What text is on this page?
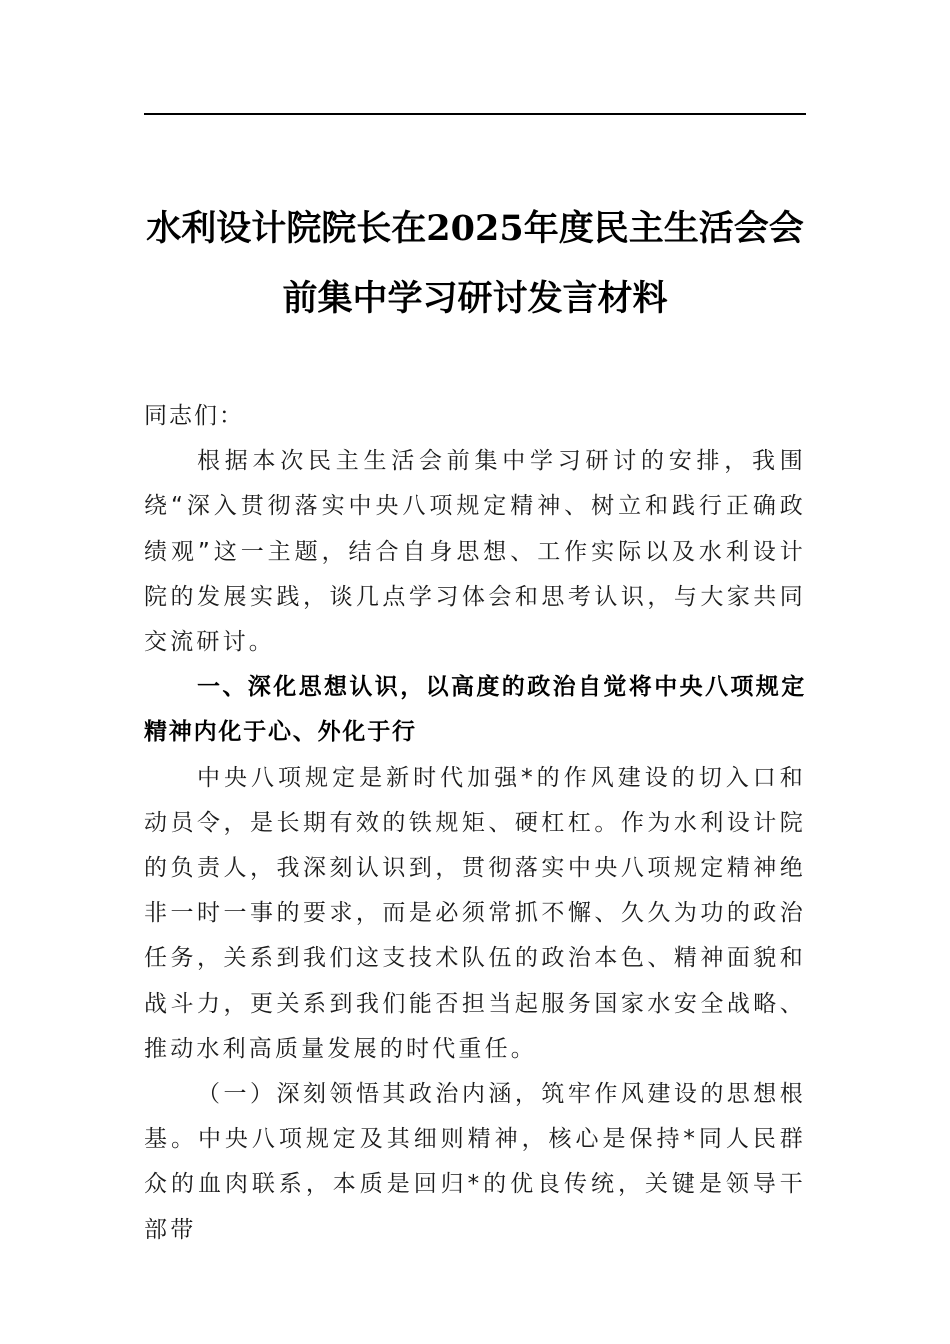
水利设计院院长在2025年度民主生活会会
前集中学习研讨发言材料

同志们：

根据本次民主生活会前集中学习研讨的安排，我围绕“深入贯彻落实中央八项规定精神、树立和践行正确政绩观”这一主题，结合自身思想、工作实际以及水利设计院的发展实践，谈几点学习体会和思考认识，与大家共同交流研讨。

一、深化思想认识，以高度的政治自觉将中央八项规定精神内化于心、外化于行

中央八项规定是新时代加强*的作风建设的切入口和动员令，是长期有效的铁规矩、硬杠杠。作为水利设计院的负责人，我深刻认识到，贯彻落实中央八项规定精神绝非一时一事的要求，而是必须常抓不懈、久久为功的政治任务，关系到我们这支技术队伍的政治本色、精神面貌和战斗力，更关系到我们能否担当起服务国家水安全战略、推动水利高质量发展的时代重任。

（一）深刻领悟其政治内涵，筑牢作风建设的思想根基。中央八项规定及其细则精神，核心是保持*同人民群众的血肉联系，本质是回归*的优良传统，关键是领导干部带
